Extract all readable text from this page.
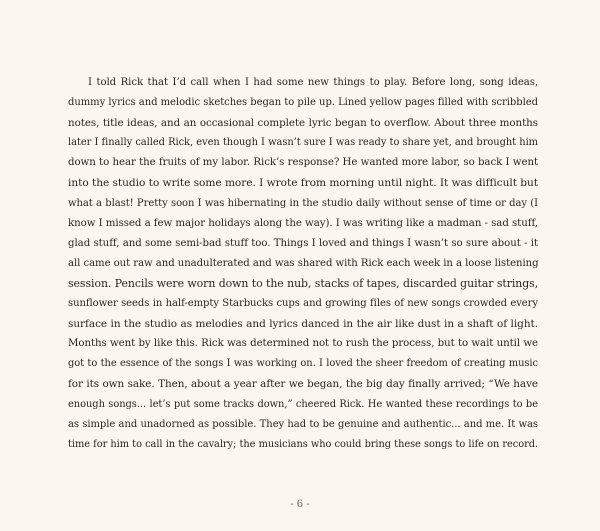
I told Rick that I’d call when I had some new things to play. Before long, song ideas,
dummy lyrics and melodic sketches began to pile up. Lined yellow pages filled with scribbled
notes, title ideas, and an occasional complete lyric began to overflow. About three months
later I finally called Rick, even though I wasn’t sure I was ready to share yet, and brought him
down to hear the fruits of my labor. Rick’s response? He wanted more labor, so back I went
into the studio to write some more. I wrote from morning until night. It was difficult but
what a blast! Pretty soon I was hibernating in the studio daily without sense of time or day (I
know I missed a few major holidays along the way). I was writing like a madman - sad stuff,
glad stuff, and some semi-bad stuff too. Things I loved and things I wasn’t so sure about - it
all came out raw and unadulterated and was shared with Rick each week in a loose listening
session. Pencils were worn down to the nub, stacks of tapes, discarded guitar strings,
sunflower seeds in half-empty Starbucks cups and growing files of new songs crowded every
surface in the studio as melodies and lyrics danced in the air like dust in a shaft of light.
Months went by like this. Rick was determined not to rush the process, but to wait until we
got to the essence of the songs I was working on. I loved the sheer freedom of creating music
for its own sake. Then, about a year after we began, the big day finally arrived; “We have
enough songs... let’s put some tracks down,” cheered Rick. He wanted these recordings to be
as simple and unadorned as possible. They had to be genuine and authentic... and me. It was
time for him to call in the cavalry; the musicians who could bring these songs to life on record.
- 6 -
